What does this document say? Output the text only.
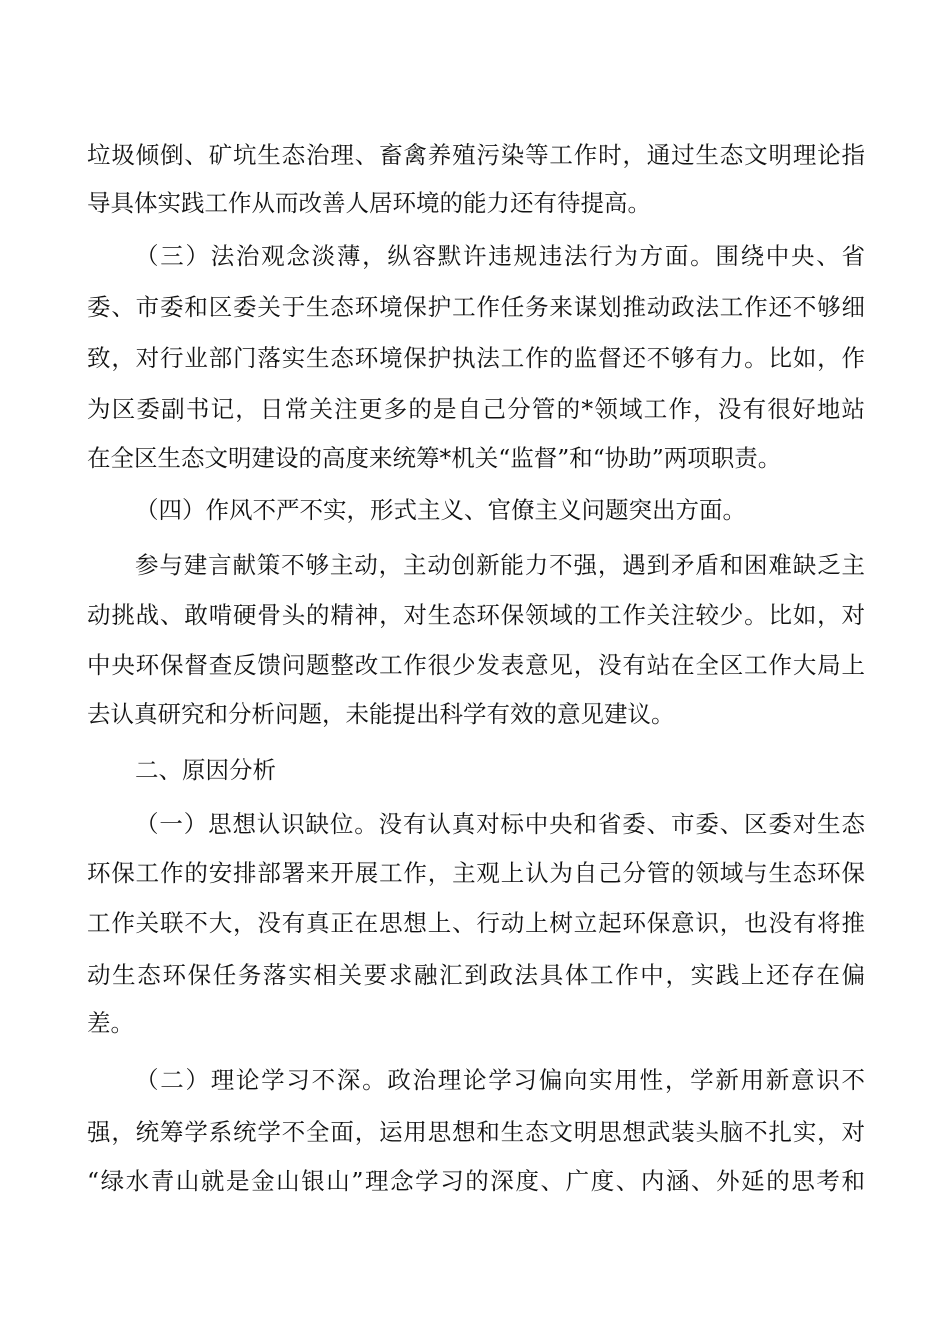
垃圾倾倒、矿坑生态治理、畜禽养殖污染等工作时，通过生态文明理论指
导具体实践工作从而改善人居环境的能力还有待提高。
（三）法治观念淡薄，纵容默许违规违法行为方面。围绕中央、省
委、市委和区委关于生态环境保护工作任务来谋划推动政法工作还不够细
致，对行业部门落实生态环境保护执法工作的监督还不够有力。比如，作
为区委副书记，日常关注更多的是自己分管的*领域工作，没有很好地站
在全区生态文明建设的高度来统筹*机关“监督”和“协助”两项职责。
（四）作风不严不实，形式主义、官僚主义问题突出方面。
参与建言献策不够主动，主动创新能力不强，遇到矛盾和困难缺乏主
动挑战、敢啃硬骨头的精神，对生态环保领域的工作关注较少。比如，对
中央环保督查反馈问题整改工作很少发表意见，没有站在全区工作大局上
去认真研究和分析问题，未能提出科学有效的意见建议。
二、原因分析
（一）思想认识缺位。没有认真对标中央和省委、市委、区委对生态
环保工作的安排部署来开展工作，主观上认为自己分管的领域与生态环保
工作关联不大，没有真正在思想上、行动上树立起环保意识，也没有将推
动生态环保任务落实相关要求融汇到政法具体工作中，实践上还存在偏
差。
（二）理论学习不深。政治理论学习偏向实用性，学新用新意识不
强，统筹学系统学不全面，运用思想和生态文明思想武装头脑不扎实，对
“绿水青山就是金山银山”理念学习的深度、广度、内涵、外延的思考和
